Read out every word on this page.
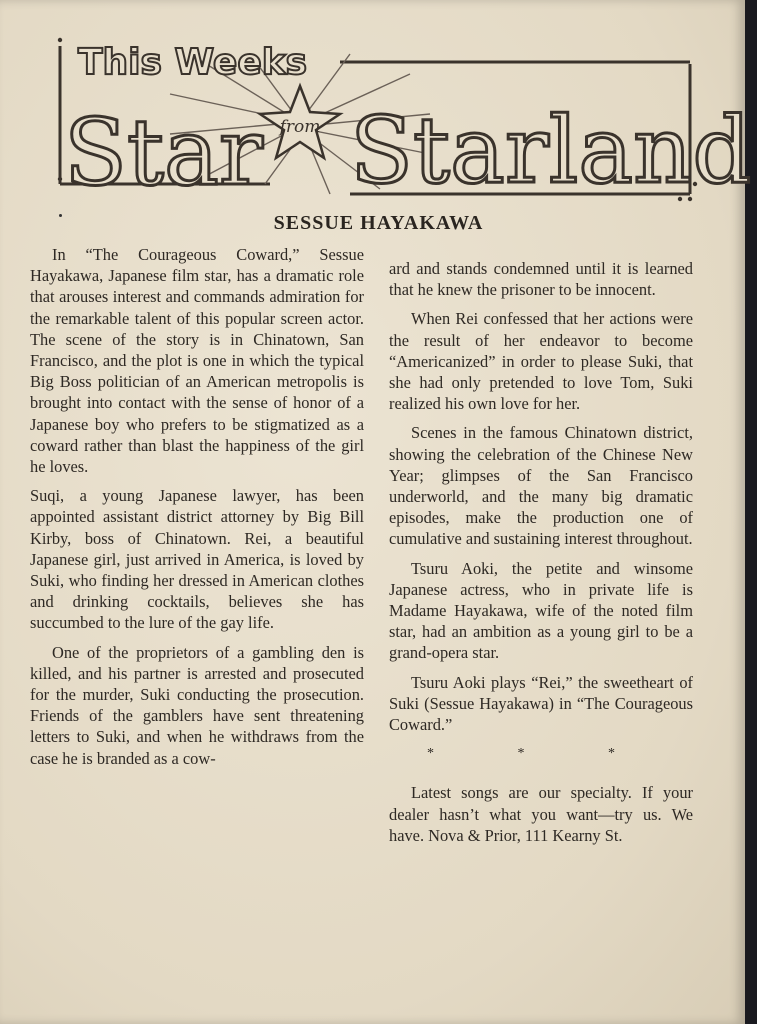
from
This Weeks
Star Starland
SESSUE HAYAKAWA

In “The Courageous Coward,” Sessue Hayakawa, Japanese film star, has a dramatic role that arouses interest and commands admiration for the remarkable talent of this popular screen actor. The scene of the story is in Chinatown, San Francisco, and the plot is one in which the typical Big Boss politician of an American metropolis is brought into contact with the sense of honor of a Japanese boy who prefers to be stigmatized as a coward rather than blast the happiness of the girl he loves.

Suqi, a young Japanese lawyer, has been appointed assistant district attorney by Big Bill Kirby, boss of Chinatown. Rei, a beautiful Japanese girl, just arrived in America, is loved by Suki, who finding her dressed in American clothes and drinking cocktails, believes she has succumbed to the lure of the gay life.

One of the proprietors of a gambling den is killed, and his partner is arrested and prosecuted for the murder, Suki conducting the prosecution. Friends of the gamblers have sent threatening letters to Suki, and when he withdraws from the case he is branded as a cow-

ard and stands condemned until it is learned that he knew the prisoner to be innocent.

When Rei confessed that her actions were the result of her endeavor to become “Americanized” in order to please Suki, that she had only pretended to love Tom, Suki realized his own love for her.

Scenes in the famous Chinatown district, showing the celebration of the Chinese New Year; glimpses of the San Francisco underworld, and the many big dramatic episodes, make the production one of cumulative and sustaining interest throughout.

Tsuru Aoki, the petite and winsome Japanese actress, who in private life is Madame Hayakawa, wife of the noted film star, had an ambition as a young girl to be a grand-opera star.

Tsuru Aoki plays “Rei,” the sweetheart of Suki (Sessue Hayakawa) in “The Courageous Coward.”

* * *

Latest songs are our specialty. If your dealer hasn’t what you want—try us. We have. Nova & Prior, 111 Kearny St.
